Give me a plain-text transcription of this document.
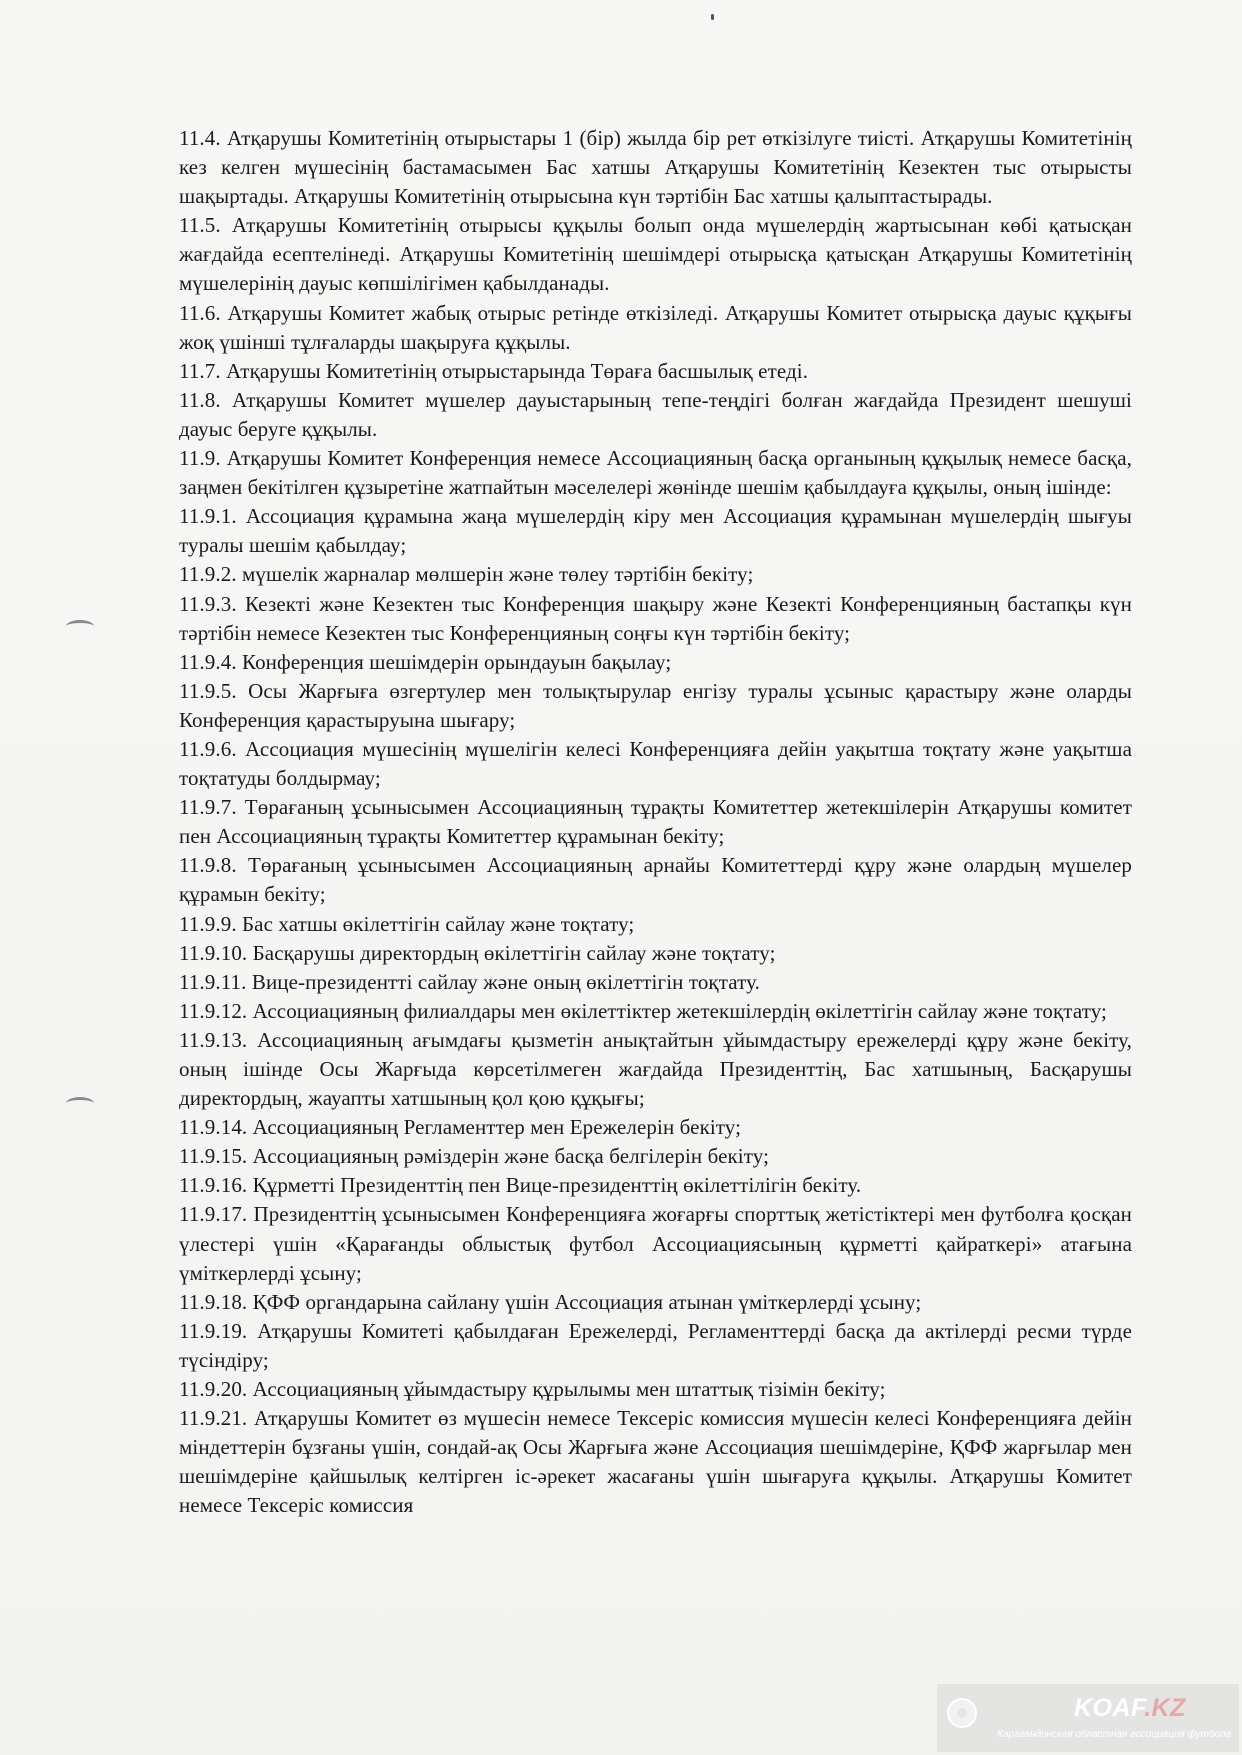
11.4. Атқарушы Комитетінің отырыстары 1 (бір) жылда бір рет өткізілуге тиісті. Атқарушы Комитетінің кез келген мүшесінің бастамасымен Бас хатшы Атқарушы Комитетінің Кезектен тыс отырысты шақыртады. Атқарушы Комитетінің отырысына күн тәртібін Бас хатшы қалыптастырады.

11.5. Атқарушы Комитетінің отырысы құқылы болып онда мүшелердің жартысынан көбі қатысқан жағдайда есептелінеді. Атқарушы Комитетінің шешімдері отырысқа қатысқан Атқарушы Комитетінің мүшелерінің дауыс көпшілігімен қабылданады.

11.6. Атқарушы Комитет жабық отырыс ретінде өткізіледі. Атқарушы Комитет отырысқа дауыс құқығы жоқ үшінші тұлғаларды шақыруға құқылы.

11.7. Атқарушы Комитетінің отырыстарында Төраға басшылық етеді.

11.8. Атқарушы Комитет мүшелер дауыстарының тепе-теңдігі болған жағдайда Президент шешуші дауыс беруге құқылы.

11.9. Атқарушы Комитет Конференция немесе Ассоциацияның басқа органының құқылық немесе басқа, заңмен бекітілген құзыретіне жатпайтын мәселелері жөнінде шешім қабылдауға құқылы, оның ішінде:

11.9.1. Ассоциация құрамына жаңа мүшелердің кіру мен Ассоциация құрамынан мүшелердің шығуы туралы шешім қабылдау;

11.9.2. мүшелік жарналар мөлшерін және төлеу тәртібін бекіту;

11.9.3. Кезекті және Кезектен тыс Конференция шақыру және Кезекті Конференцияның бастапқы күн тәртібін немесе Кезектен тыс Конференцияның соңғы күн тәртібін бекіту;

11.9.4. Конференция шешімдерін орындауын бақылау;

11.9.5. Осы Жарғыға өзгертулер мен толықтырулар енгізу туралы ұсыныс қарастыру және оларды Конференция қарастыруына шығару;

11.9.6. Ассоциация мүшесінің мүшелігін келесі Конференцияға дейін уақытша тоқтату және уақытша тоқтатуды болдырмау;

11.9.7. Төрағаның ұсынысымен Ассоциацияның тұрақты Комитеттер жетекшілерін Атқарушы комитет пен Ассоциацияның тұрақты Комитеттер құрамынан бекіту;

11.9.8. Төрағаның ұсынысымен Ассоциацияның арнайы Комитеттерді құру және олардың мүшелер құрамын бекіту;

11.9.9. Бас хатшы өкілеттігін сайлау және тоқтату;

11.9.10. Басқарушы директордың өкілеттігін сайлау және тоқтату;

11.9.11. Вице-президентті сайлау және оның өкілеттігін тоқтату.

11.9.12. Ассоциацияның филиалдары мен өкілеттіктер жетекшілердің өкілеттігін сайлау және тоқтату;

11.9.13. Ассоциацияның ағымдағы қызметін анықтайтын ұйымдастыру ережелерді құру және бекіту, оның ішінде Осы Жарғыда көрсетілмеген жағдайда Президенттің, Бас хатшының, Басқарушы директордың, жауапты хатшының қол қою құқығы;

11.9.14. Ассоциацияның Регламенттер мен Ережелерін бекіту;

11.9.15. Ассоциацияның рәміздерін және басқа белгілерін бекіту;

11.9.16. Құрметті Президенттің пен Вице-президенттің өкілеттілігін бекіту.

11.9.17. Президенттің ұсынысымен Конференцияға жоғарғы спорттық жетістіктері мен футболға қосқан үлестері үшін «Қарағанды облыстық футбол Ассоциациясының құрметті қайраткері» атағына үміткерлерді ұсыну;

11.9.18. ҚФФ органдарына сайлану үшін Ассоциация атынан үміткерлерді ұсыну;

11.9.19. Атқарушы Комитеті қабылдаған Ережелерді, Регламенттерді басқа да актілерді ресми түрде түсіндіру;

11.9.20. Ассоциацияның ұйымдастыру құрылымы мен штаттық тізімін бекіту;

11.9.21. Атқарушы Комитет өз мүшесін немесе Тексеріс комиссия мүшесін келесі Конференцияға дейін міндеттерін бұзғаны үшін, сондай-ақ Осы Жарғыға және Ассоциация шешімдеріне, ҚФФ жарғылар мен шешімдеріне қайшылық келтірген іс-әрекет жасағаны үшін шығаруға құқылы. Атқарушы Комитет немесе Тексеріс комиссия

KOAF.KZ
Карагандинская областная ассоциация футбола
